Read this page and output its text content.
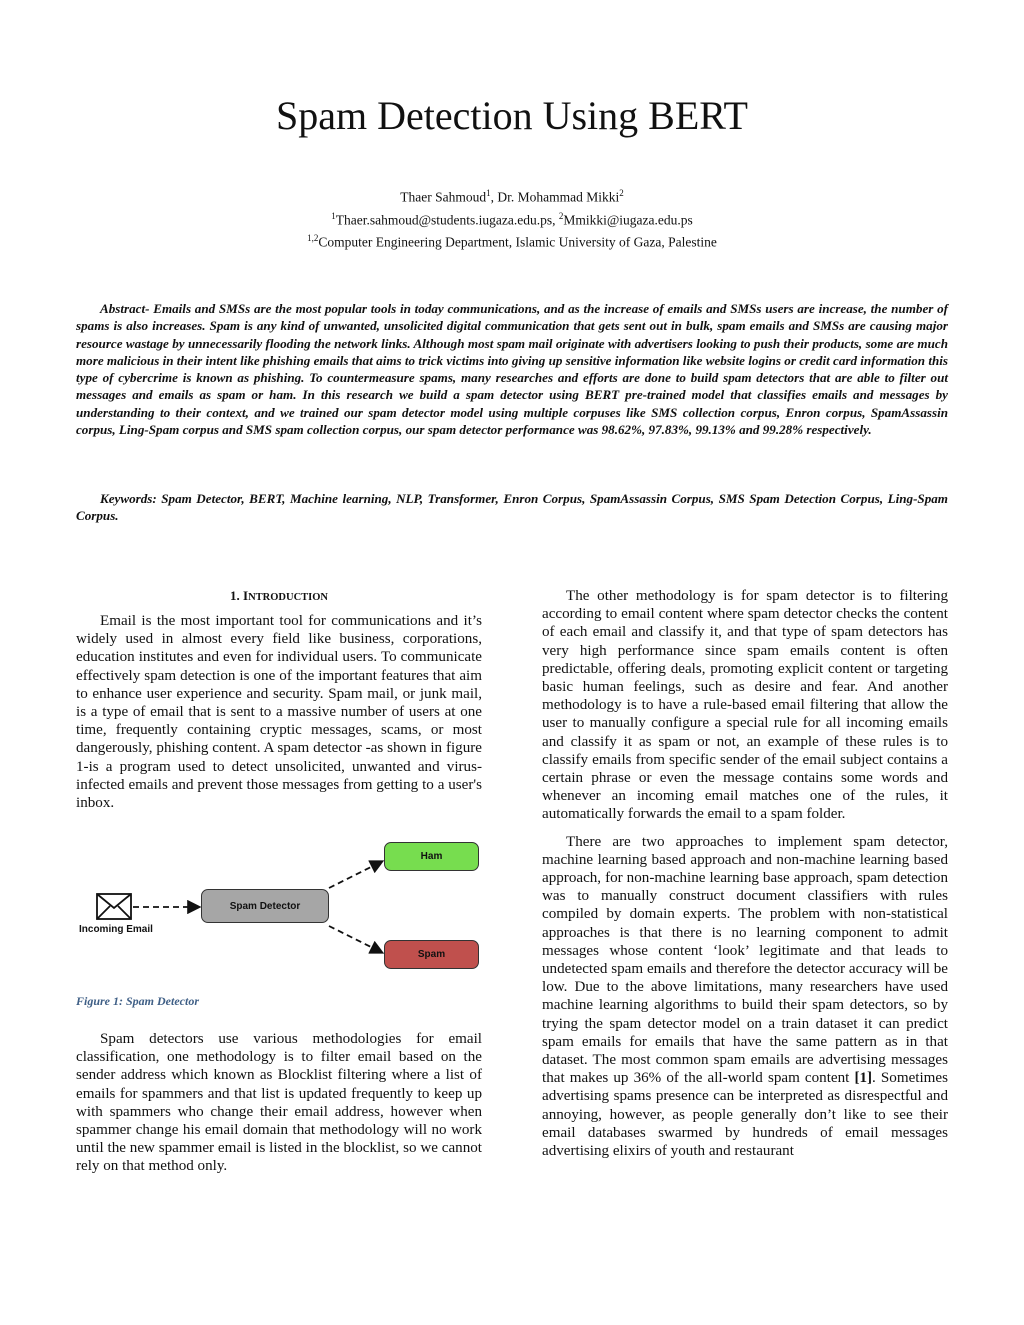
Spam Detection Using BERT
Thaer Sahmoud$^1$, Dr. Mohammad Mikki$^2$
$^1$Thaer.sahmoud@students.iugaza.edu.ps, $^2$Mmikki@iugaza.edu.ps
$^{1,2}$Computer Engineering Department, Islamic University of Gaza, Palestine

Abstract- Emails and SMSs are the most popular tools in today communications, and as the increase of emails and SMSs users are increase, the number of spams is also increases. Spam is any kind of unwanted, unsolicited digital communication that gets sent out in bulk, spam emails and SMSs are causing major resource wastage by unnecessarily flooding the network links. Although most spam mail originate with advertisers looking to push their products, some are much more malicious in their intent like phishing emails that aims to trick victims into giving up sensitive information like website logins or credit card information this type of cybercrime is known as phishing. To countermeasure spams, many researches and efforts are done to build spam detectors that are able to filter out messages and emails as spam or ham. In this research we build a spam detector using BERT pre-trained model that classifies emails and messages by understanding to their context, and we trained our spam detector model using multiple corpuses like SMS collection corpus, Enron corpus, SpamAssassin corpus, Ling-Spam corpus and SMS spam collection corpus, our spam detector performance was 98.62%, 97.83%, 99.13% and 99.28% respectively.

Keywords: Spam Detector, BERT, Machine learning, NLP, Transformer, Enron Corpus, SpamAssassin Corpus, SMS Spam Detection Corpus, Ling-Spam Corpus.

1. INTRODUCTION

Email is the most important tool for communications and it’s widely used in almost every field like business, corporations, education institutes and even for individual users. To communicate effectively spam detection is one of the important features that aim to enhance user experience and security. Spam mail, or junk mail, is a type of email that is sent to a massive number of users at one time, frequently containing cryptic messages, scams, or most dangerously, phishing content. A spam detector -as shown in figure 1-is a program used to detect unsolicited, unwanted and virus-infected emails and prevent those messages from getting to a user's inbox.

Incoming Email
Spam Detector
Ham
Spam
Figure 1: Spam Detector

Spam detectors use various methodologies for email classification, one methodology is to filter email based on the sender address which known as Blocklist filtering where a list of emails for spammers and that list is updated frequently to keep up with spammers who change their email address, however when spammer change his email domain that methodology will no work until the new spammer email is listed in the blocklist, so we cannot rely on that method only.

The other methodology is for spam detector is to filtering according to email content where spam detector checks the content of each email and classify it, and that type of spam detectors has very high performance since spam emails content is often predictable, offering deals, promoting explicit content or targeting basic human feelings, such as desire and fear. And another methodology is to have a rule-based email filtering that allow the user to manually configure a special rule for all incoming emails and classify it as spam or not, an example of these rules is to classify emails from specific sender of the email subject contains a certain phrase or even the message contains some words and whenever an incoming email matches one of the rules, it automatically forwards the email to a spam folder.

There are two approaches to implement spam detector, machine learning based approach and non-machine learning based approach, for non-machine learning base approach, spam detection was to manually construct document classifiers with rules compiled by domain experts. The problem with non-statistical approaches is that there is no learning component to admit messages whose content ‘look’ legitimate and that leads to undetected spam emails and therefore the detector accuracy will be low. Due to the above limitations, many researchers have used machine learning algorithms to build their spam detectors, so by trying the spam detector model on a train dataset it can predict spam emails for emails that have the same pattern as in that dataset. The most common spam emails are advertising messages that makes up 36% of the all-world spam content [1]. Sometimes advertising spams presence can be interpreted as disrespectful and annoying, however, as people generally don’t like to see their email databases swarmed by hundreds of email messages advertising elixirs of youth and restaurant
